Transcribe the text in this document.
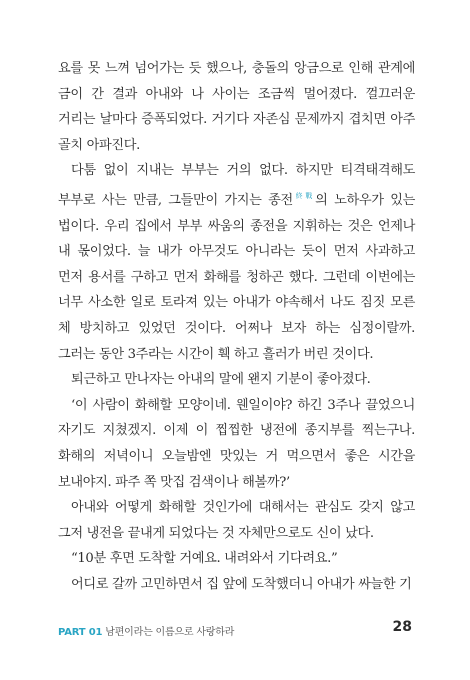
요를 못 느껴 넘어가는 듯 했으나, 충돌의 앙금으로 인해 관계에 금이 간 결과 아내와 나 사이는 조금씩 멀어졌다. 껄끄러운 거리는 날마다 증폭되었다. 거기다 자존심 문제까지 겹치면 아주 골치 아파진다.

다툼 없이 지내는 부부는 거의 없다. 하지만 티격태격해도 부부로 사는 만큼, 그들만이 가지는 종전$^{終戰}$의 노하우가 있는 법이다. 우리 집에서 부부 싸움의 종전을 지휘하는 것은 언제나 내 몫이었다. 늘 내가 아무것도 아니라는 듯이 먼저 사과하고 먼저 용서를 구하고 먼저 화해를 청하곤 했다. 그런데 이번에는 너무 사소한 일로 토라져 있는 아내가 야속해서 나도 짐짓 모른 체 방치하고 있었던 것이다. 어쩌나 보자 하는 심정이랄까. 그러는 동안 3주라는 시간이 훽 하고 흘러가 버린 것이다.

퇴근하고 만나자는 아내의 말에 왠지 기분이 좋아졌다.

‘이 사람이 화해할 모양이네. 웬일이야? 하긴 3주나 끌었으니 자기도 지쳤겠지. 이제 이 찝찝한 냉전에 종지부를 찍는구나. 화해의 저녁이니 오늘밤엔 맛있는 거 먹으면서 좋은 시간을 보내야지. 파주 쪽 맛집 검색이나 해볼까?’

아내와 어떻게 화해할 것인가에 대해서는 관심도 갖지 않고 그저 냉전을 끝내게 되었다는 것 자체만으로도 신이 났다.

“10분 후면 도착할 거예요. 내려와서 기다려요.”

어디로 갈까 고민하면서 집 앞에 도착했더니 아내가 싸늘한 기

PART 01 남편이라는 이름으로 사랑하라	28
